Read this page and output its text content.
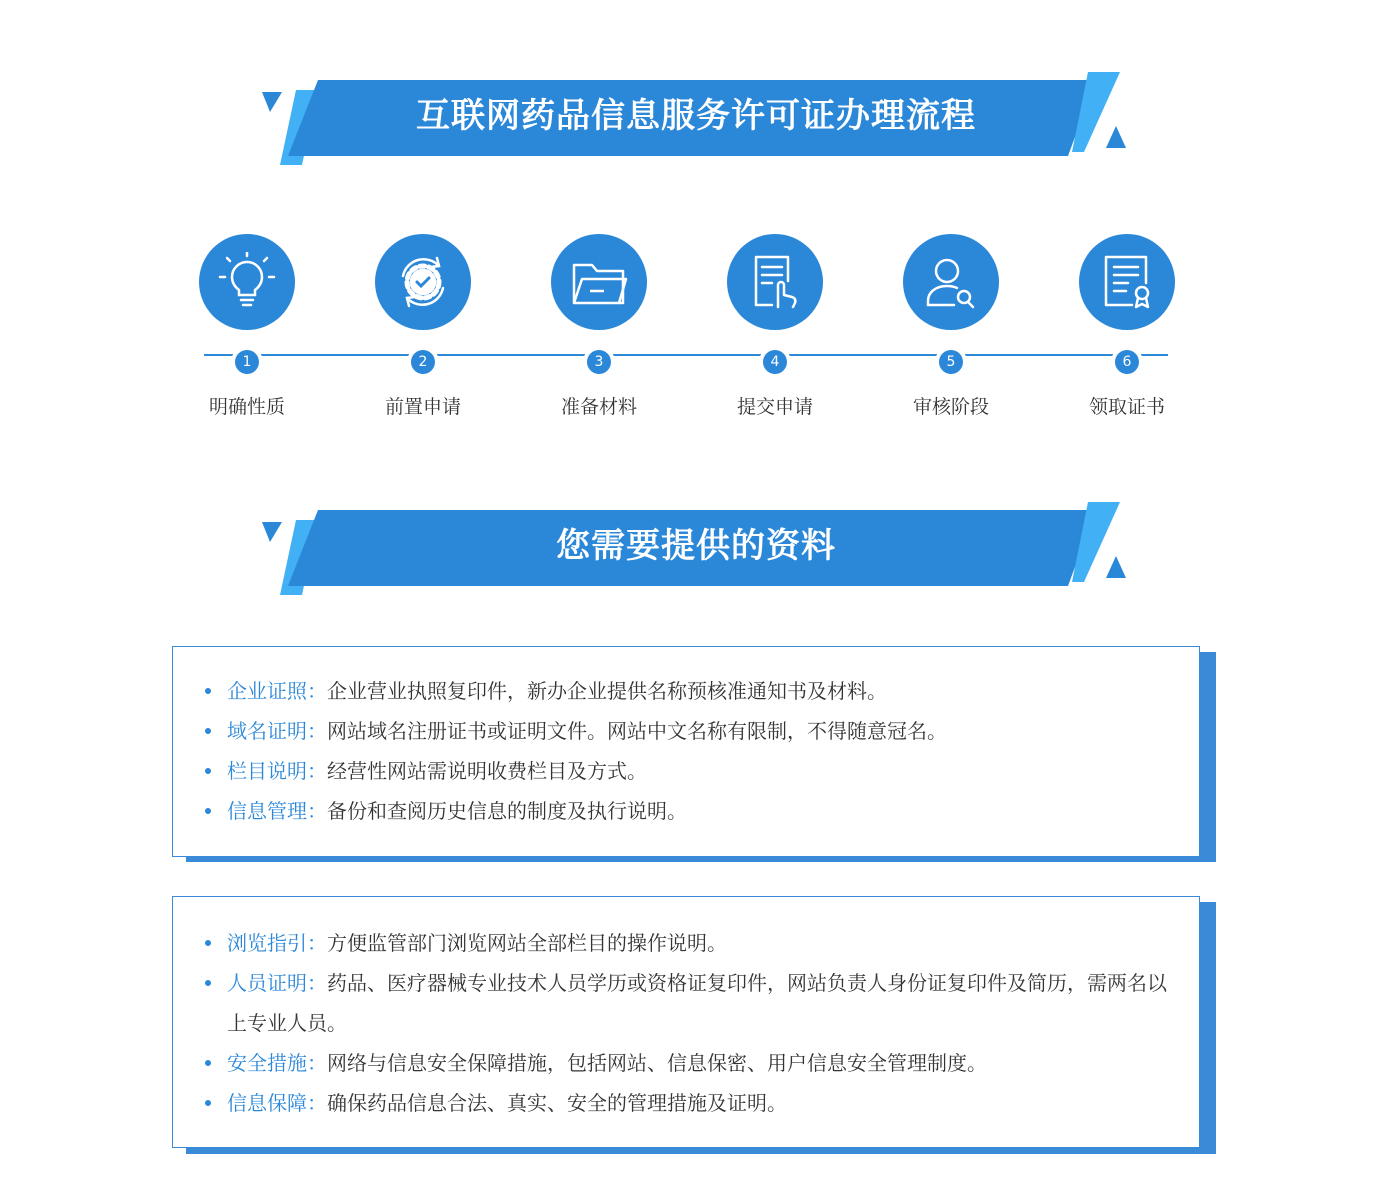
互联网药品信息服务许可证办理流程
1
明确性质
2
前置申请
3
准备材料
4
提交申请
5
审核阶段
6
领取证书
您需要提供的资料
企业证照：企业营业执照复印件，新办企业提供名称预核准通知书及材料。
域名证明：网站域名注册证书或证明文件。网站中文名称有限制，不得随意冠名。
栏目说明：经营性网站需说明收费栏目及方式。
信息管理：备份和查阅历史信息的制度及执行说明。
浏览指引：方便监管部门浏览网站全部栏目的操作说明。
人员证明：药品、医疗器械专业技术人员学历或资格证复印件，网站负责人身份证复印件及简历，需两名以上专业人员。
安全措施：网络与信息安全保障措施，包括网站、信息保密、用户信息安全管理制度。
信息保障：确保药品信息合法、真实、安全的管理措施及证明。
